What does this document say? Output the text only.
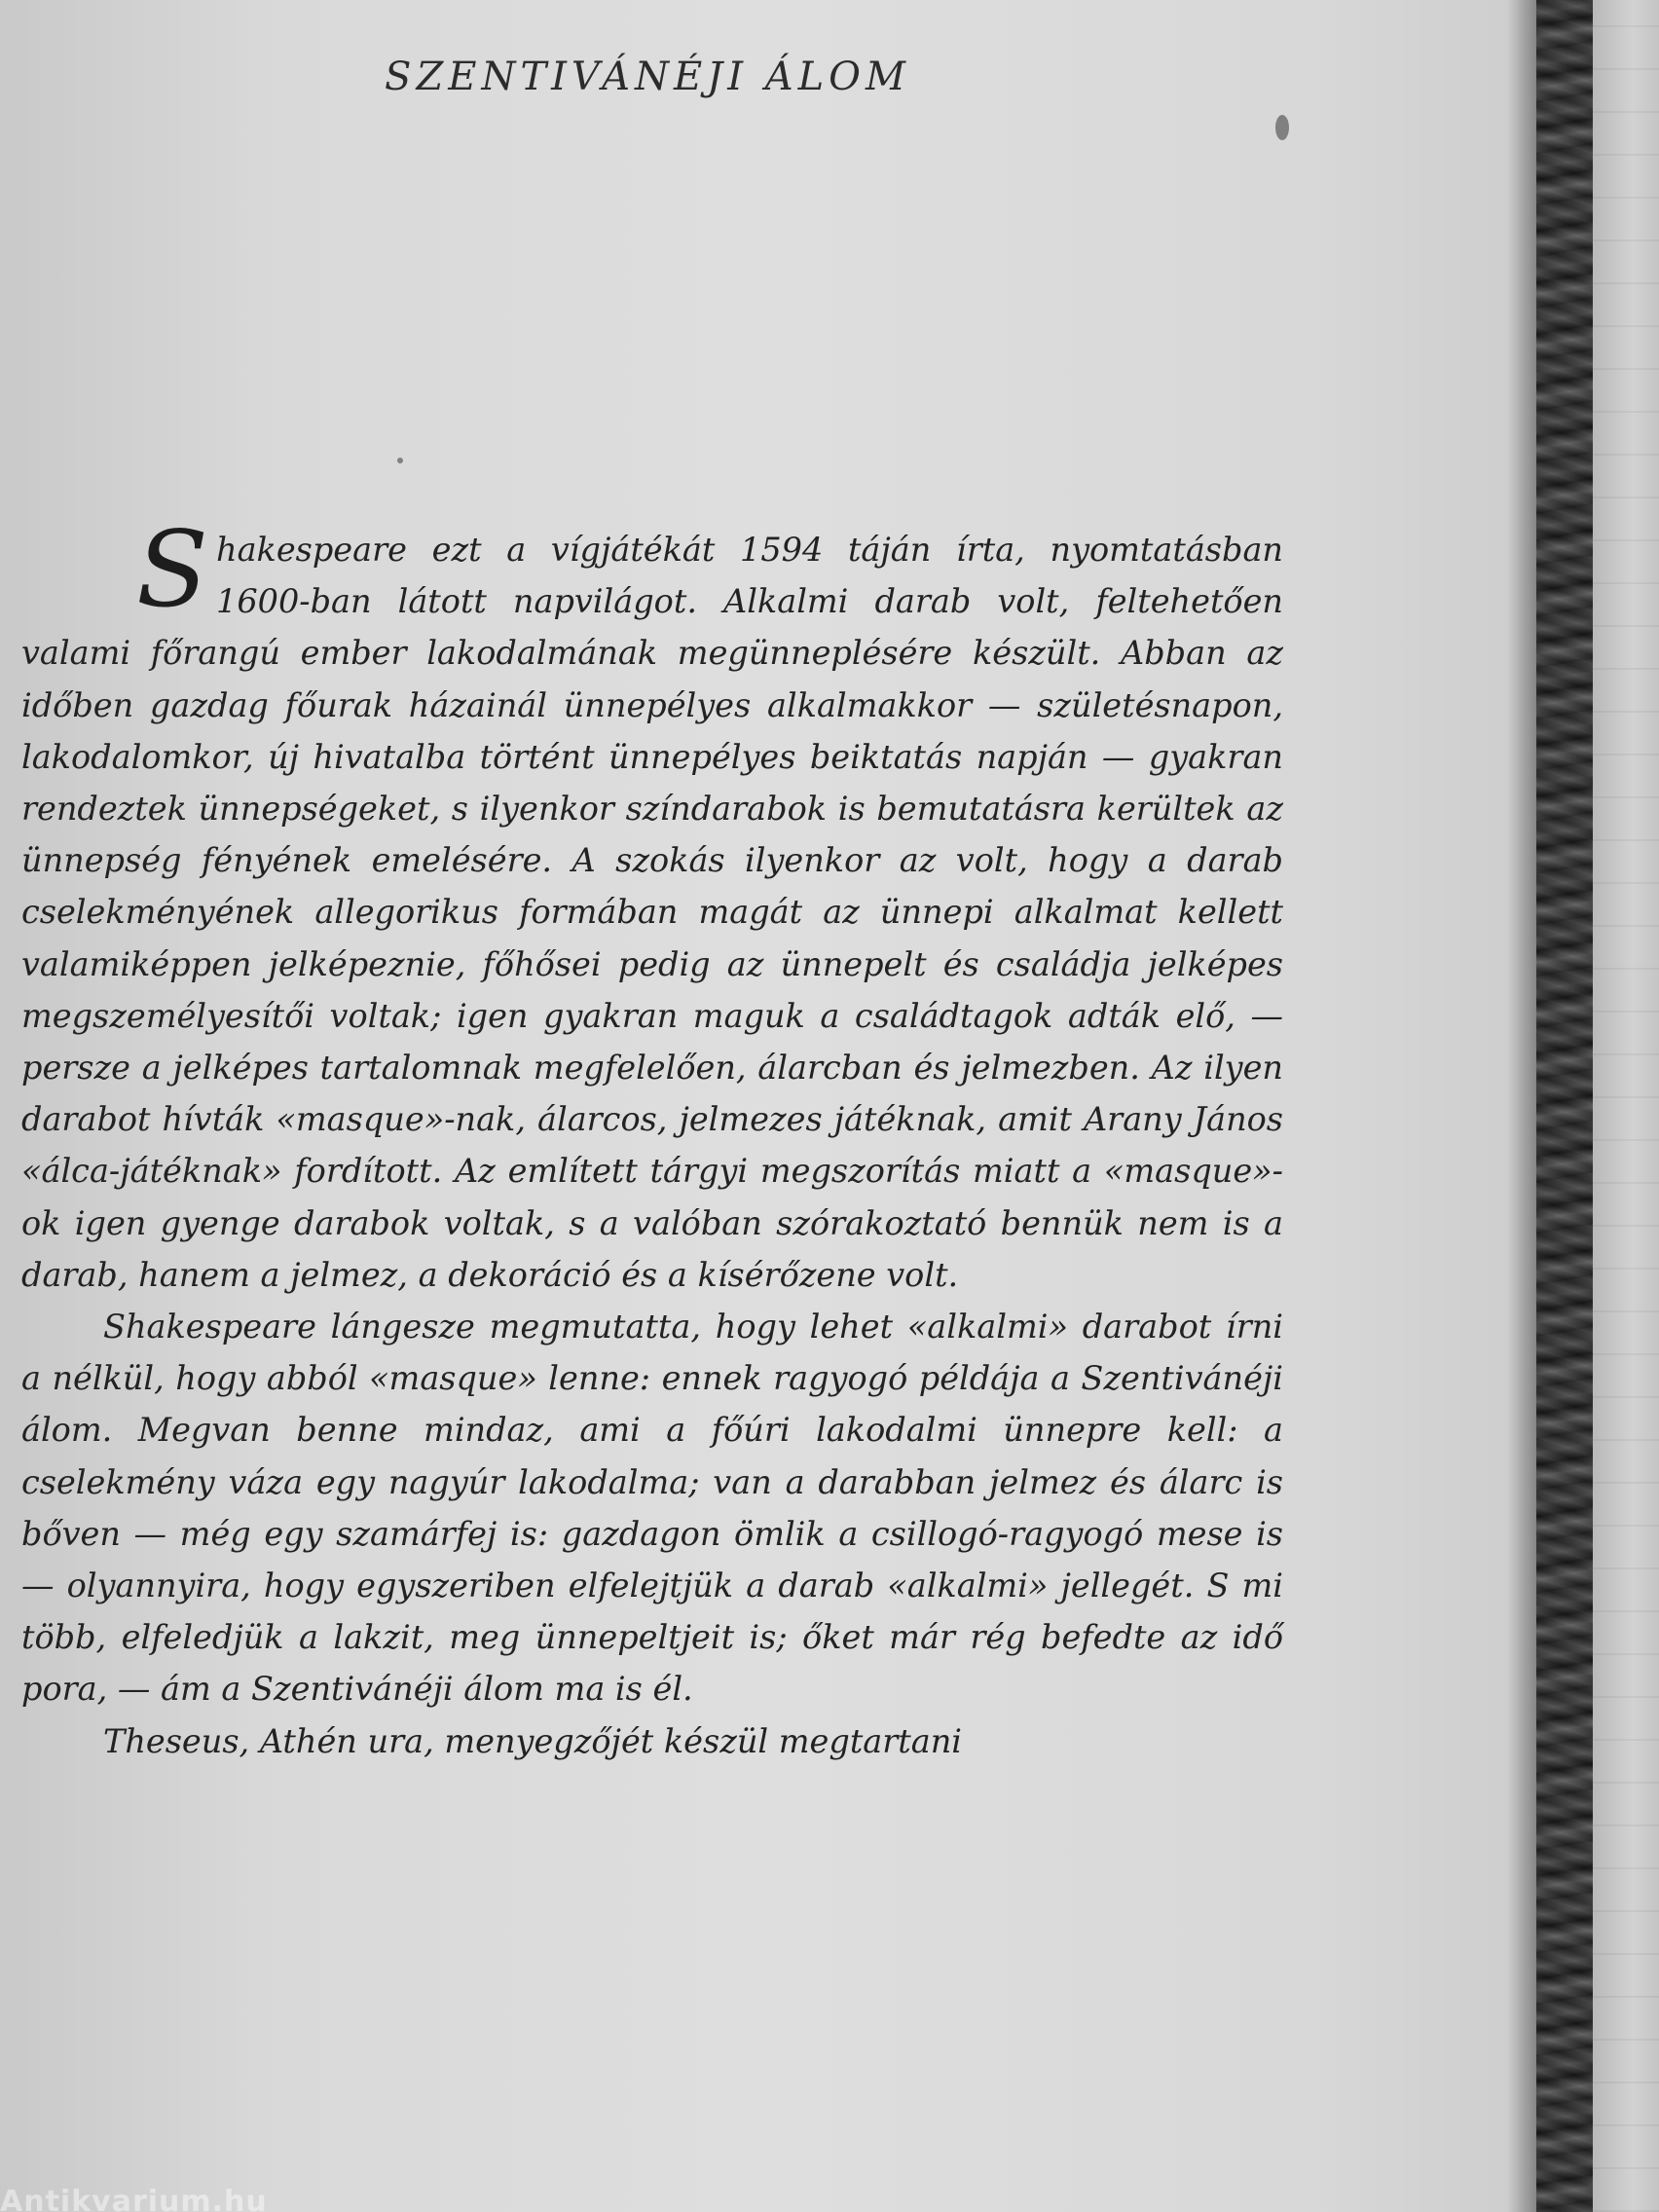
SZENTIVÁNÉJI ÁLOM

Shakespeare ezt a vígjátékát 1594 táján írta, nyomtatásban 1600-ban látott napvilágot. Alkalmi darab volt, feltehetően valami főrangú ember lakodalmának megünneplésére készült. Abban az időben gazdag főurak házainál ünnepélyes alkalmakkor — születésnapon, lakodalomkor, új hivatalba történt ünnepélyes beiktatás napján — gyakran rendeztek ünnepségeket, s ilyenkor színdarabok is bemutatásra kerültek az ünnepség fényének emelésére. A szokás ilyenkor az volt, hogy a darab cselekményének allegorikus formában magát az ünnepi alkalmat kellett valamiképpen jelképeznie, főhősei pedig az ünnepelt és családja jelképes megszemélyesítői voltak; igen gyakran maguk a családtagok adták elő, — persze a jelképes tartalomnak megfelelően, álarcban és jelmezben. Az ilyen darabot hívták «masque»-nak, álarcos, jelmezes játéknak, amit Arany János «álca-játéknak» fordított. Az említett tárgyi megszorítás miatt a «masque»-ok igen gyenge darabok voltak, s a valóban szórakoztató bennük nem is a darab, hanem a jelmez, a dekoráció és a kísérőzene volt.

Shakespeare lángesze megmutatta, hogy lehet «alkalmi» darabot írni a nélkül, hogy abból «masque» lenne: ennek ragyogó példája a Szentivánéji álom. Megvan benne mindaz, ami a főúri lakodalmi ünnepre kell: a cselekmény váza egy nagyúr lakodalma; van a darabban jelmez és álarc is bőven — még egy szamárfej is: gazdagon ömlik a csillogó-ragyogó mese is — olyannyira, hogy egyszeriben elfelejtjük a darab «alkalmi» jellegét. S mi több, elfeledjük a lakzit, meg ünnepeltjeit is; őket már rég befedte az idő pora, — ám a Szentivánéji álom ma is él.

Theseus, Athén ura, menyegzőjét készül megtartani

Antikvarium.hu
